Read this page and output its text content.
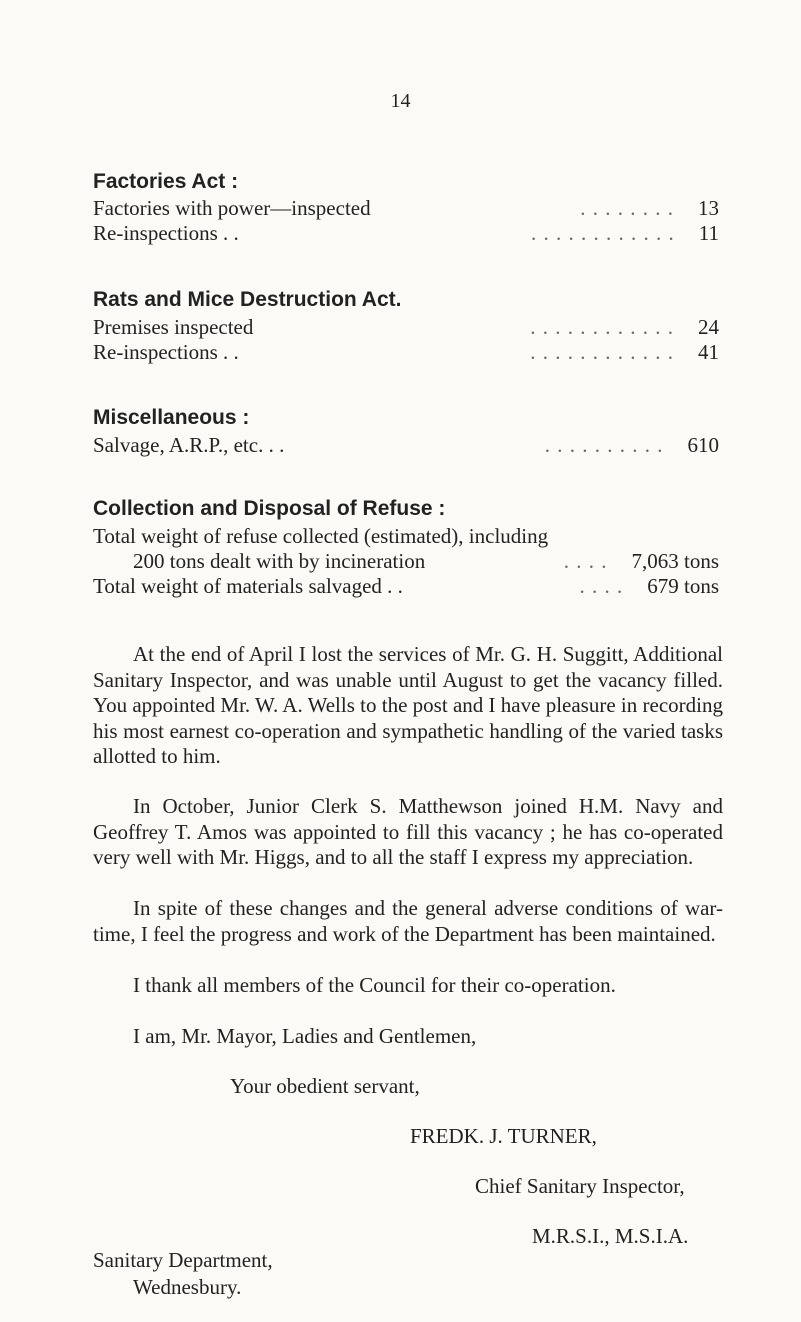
14
Factories Act :
Factories with power—inspected	. . . . . . . .	13
Re-inspections . .	. . . . . . . . . . . .	11
Rats and Mice Destruction Act.
Premises inspected	. . . . . . . . . . . .	24
Re-inspections . .	. . . . . . . . . . . .	41
Miscellaneous :
Salvage, A.R.P., etc. . .	. . . . . . . . . .	610
Collection and Disposal of Refuse :
Total weight of refuse collected (estimated), including
200 tons dealt with by incineration	. . . .	7,063 tons
Total weight of materials salvaged . .	. . . .	679 tons
At the end of April I lost the services of Mr. G. H. Suggitt, Additional Sanitary Inspector, and was unable until August to get the vacancy filled. You appointed Mr. W. A. Wells to the post and I have pleasure in recording his most earnest co-operation and sympathetic handling of the varied tasks allotted to him.
In October, Junior Clerk S. Matthewson joined H.M. Navy and Geoffrey T. Amos was appointed to fill this vacancy ; he has co-operated very well with Mr. Higgs, and to all the staff I express my appreciation.
In spite of these changes and the general adverse conditions of war-time, I feel the progress and work of the Department has been maintained.
I thank all members of the Council for their co-operation.
I am, Mr. Mayor, Ladies and Gentlemen,
Your obedient servant,
FREDK. J. TURNER,
Chief Sanitary Inspector,
M.R.S.I., M.S.I.A.
Sanitary Department,
Wednesbury.
